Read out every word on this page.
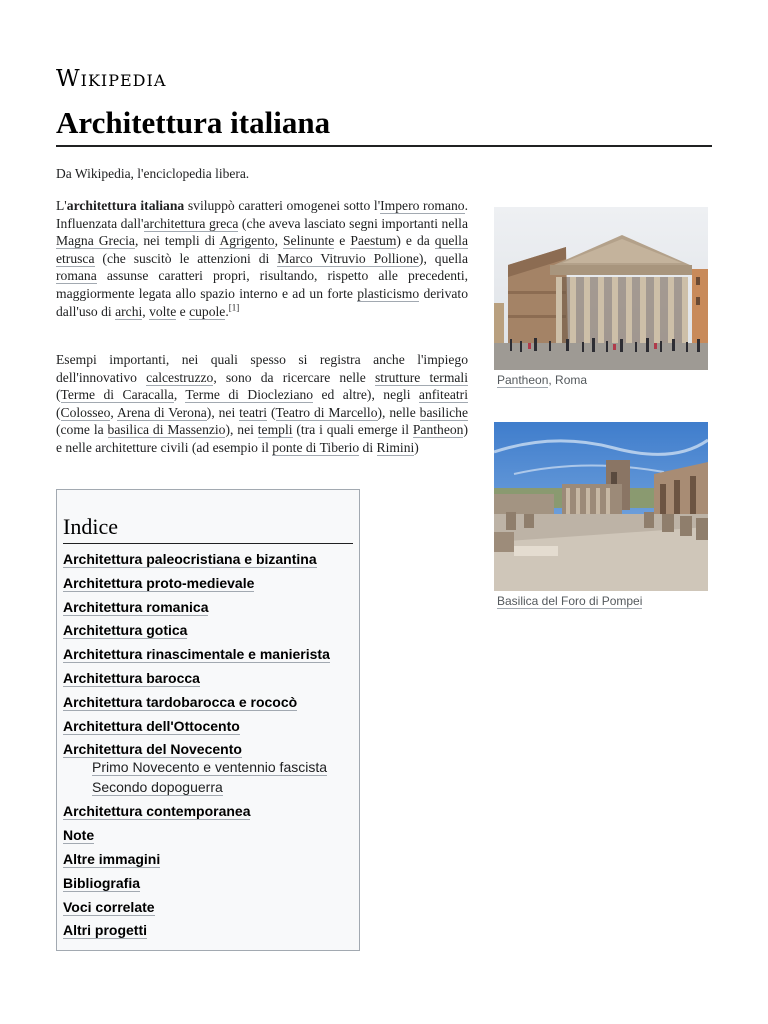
Wikipedia
Architettura italiana
Da Wikipedia, l'enciclopedia libera.
L'architettura italiana sviluppò caratteri omogenei sotto l'Impero romano. Influenzata dall'architettura greca (che aveva lasciato segni importanti nella Magna Grecia, nei templi di Agrigento, Selinunte e Paestum) e da quella etrusca (che suscitò le attenzioni di Marco Vitruvio Pollione), quella romana assunse caratteri propri, risultando, rispetto alle precedenti, maggiormente legata allo spazio interno e ad un forte plasticismo derivato dall'uso di archi, volte e cupole.[1]
Esempi importanti, nei quali spesso si registra anche l'impiego dell'innovativo calcestruzzo, sono da ricercare nelle strutture termali (Terme di Caracalla, Terme di Diocleziano ed altre), negli anfiteatri (Colosseo, Arena di Verona), nei teatri (Teatro di Marcello), nelle basiliche (come la basilica di Massenzio), nei templi (tra i quali emerge il Pantheon) e nelle architetture civili (ad esempio il ponte di Tiberio di Rimini)
Indice
Architettura paleocristiana e bizantina
Architettura proto-medievale
Architettura romanica
Architettura gotica
Architettura rinascimentale e manierista
Architettura barocca
Architettura tardobarocca e rococò
Architettura dell'Ottocento
Architettura del Novecento
Primo Novecento e ventennio fascista
Secondo dopoguerra
Architettura contemporanea
Note
Altre immagini
Bibliografia
Voci correlate
Altri progetti
Pantheon, Roma
Basilica del Foro di Pompei
